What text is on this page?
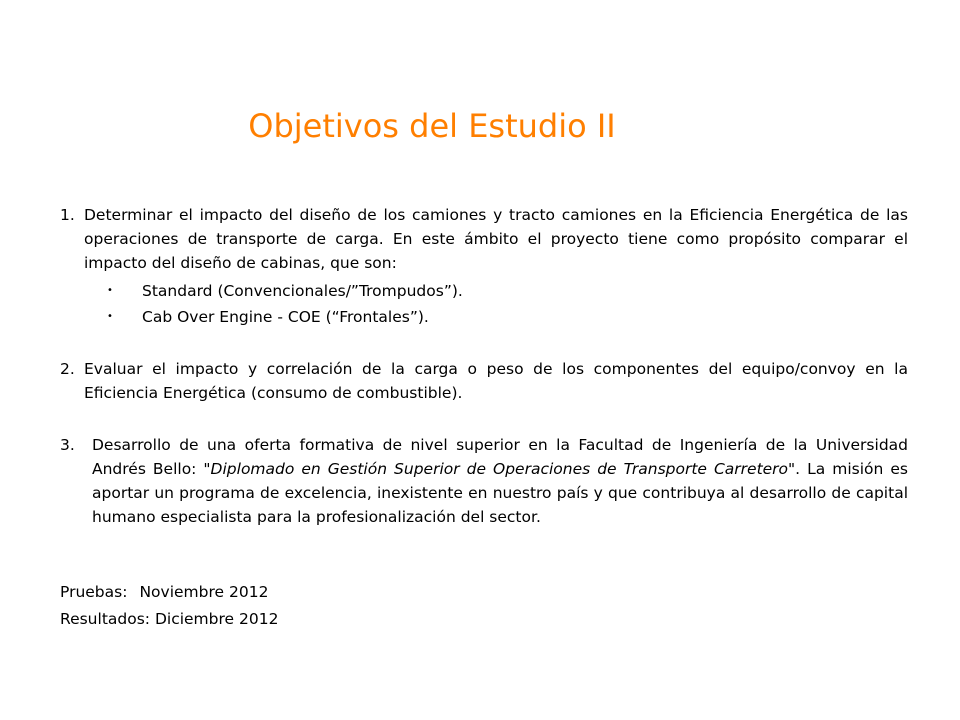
Objetivos del Estudio II
1. Determinar el impacto del diseño de los camiones y tracto camiones en la Eficiencia Energética de las operaciones de transporte de carga. En este ámbito el proyecto tiene como propósito comparar el impacto del diseño de cabinas, que son:
• Standard (Convencionales/”Trompudos”).
• Cab Over Engine - COE (“Frontales”).
2. Evaluar el impacto y correlación de la carga o peso de los componentes del equipo/convoy en la Eficiencia Energética (consumo de combustible).
3. Desarrollo de una oferta formativa de nivel superior en la Facultad de Ingeniería de la Universidad Andrés Bello: "Diplomado en Gestión Superior de Operaciones de Transporte Carretero". La misión es aportar un programa de excelencia, inexistente en nuestro país y que contribuya al desarrollo de capital humano especialista para la profesionalización del sector.
Pruebas: Noviembre 2012
Resultados: Diciembre 2012
